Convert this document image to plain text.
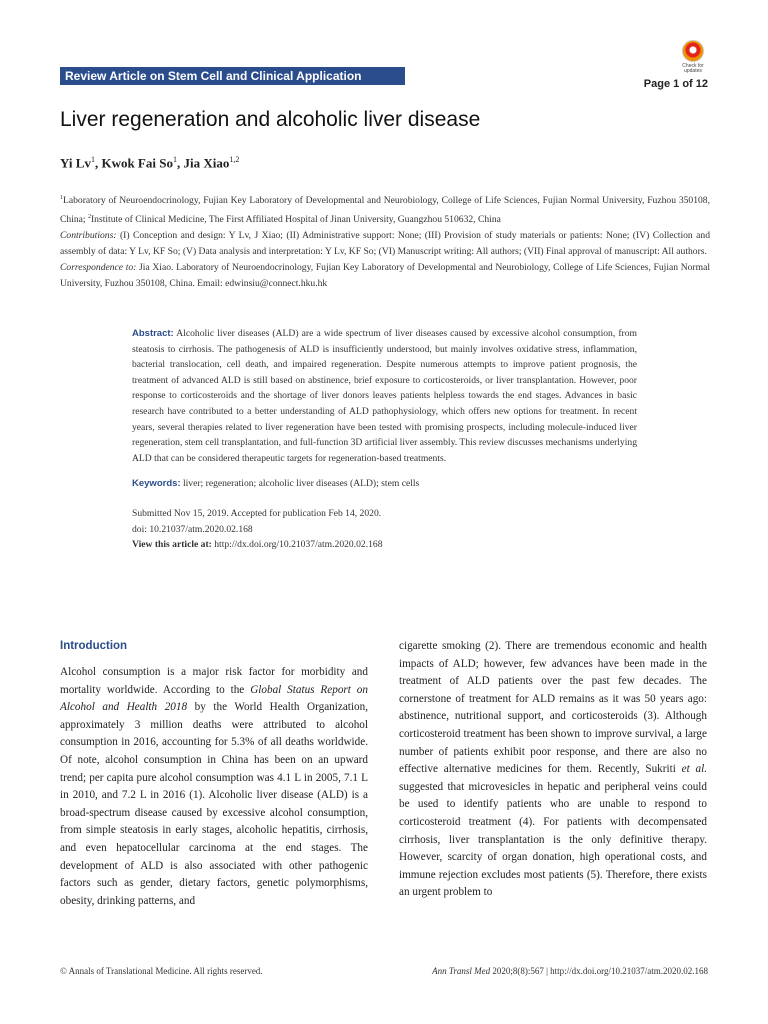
Review Article on Stem Cell and Clinical Application
Check for updates
Page 1 of 12
Liver regeneration and alcoholic liver disease
Yi Lv$^1$, Kwok Fai So$^1$, Jia Xiao$^{1,2}$

$^1$Laboratory of Neuroendocrinology, Fujian Key Laboratory of Developmental and Neurobiology, College of Life Sciences, Fujian Normal University, Fuzhou 350108, China; $^2$Institute of Clinical Medicine, The First Affiliated Hospital of Jinan University, Guangzhou 510632, China

Contributions: (I) Conception and design: Y Lv, J Xiao; (II) Administrative support: None; (III) Provision of study materials or patients: None; (IV) Collection and assembly of data: Y Lv, KF So; (V) Data analysis and interpretation: Y Lv, KF So; (VI) Manuscript writing: All authors; (VII) Final approval of manuscript: All authors.

Correspondence to: Jia Xiao. Laboratory of Neuroendocrinology, Fujian Key Laboratory of Developmental and Neurobiology, College of Life Sciences, Fujian Normal University, Fuzhou 350108, China. Email: edwinsiu@connect.hku.hk

Abstract: Alcoholic liver diseases (ALD) are a wide spectrum of liver diseases caused by excessive alcohol consumption, from steatosis to cirrhosis. The pathogenesis of ALD is insufficiently understood, but mainly involves oxidative stress, inflammation, bacterial translocation, cell death, and impaired regeneration. Despite numerous attempts to improve patient prognosis, the treatment of advanced ALD is still based on abstinence, brief exposure to corticosteroids, or liver transplantation. However, poor response to corticosteroids and the shortage of liver donors leaves patients helpless towards the end stages. Advances in basic research have contributed to a better understanding of ALD pathophysiology, which offers new options for treatment. In recent years, several therapies related to liver regeneration have been tested with promising prospects, including molecule-induced liver regeneration, stem cell transplantation, and full-function 3D artificial liver assembly. This review discusses mechanisms underlying ALD that can be considered therapeutic targets for regeneration-based treatments.

Keywords: liver; regeneration; alcoholic liver diseases (ALD); stem cells

Submitted Nov 15, 2019. Accepted for publication Feb 14, 2020.

doi: 10.21037/atm.2020.02.168

View this article at: http://dx.doi.org/10.21037/atm.2020.02.168

Introduction

Alcohol consumption is a major risk factor for morbidity and mortality worldwide. According to the Global Status Report on Alcohol and Health 2018 by the World Health Organization, approximately 3 million deaths were attributed to alcohol consumption in 2016, accounting for 5.3% of all deaths worldwide. Of note, alcohol consumption in China has been on an upward trend; per capita pure alcohol consumption was 4.1 L in 2005, 7.1 L in 2010, and 7.2 L in 2016 (1). Alcoholic liver disease (ALD) is a broad-spectrum disease caused by excessive alcohol consumption, from simple steatosis in early stages, alcoholic hepatitis, cirrhosis, and even hepatocellular carcinoma at the end stages. The development of ALD is also associated with other pathogenic factors such as gender, dietary factors, genetic polymorphisms, obesity, drinking patterns, and

cigarette smoking (2). There are tremendous economic and health impacts of ALD; however, few advances have been made in the treatment of ALD patients over the past few decades. The cornerstone of treatment for ALD remains as it was 50 years ago: abstinence, nutritional support, and corticosteroids (3). Although corticosteroid treatment has been shown to improve survival, a large number of patients exhibit poor response, and there are also no effective alternative medicines for them. Recently, Sukriti et al. suggested that microvesicles in hepatic and peripheral veins could be used to identify patients who are unable to respond to corticosteroid treatment (4). For patients with decompensated cirrhosis, liver transplantation is the only definitive therapy. However, scarcity of organ donation, high operational costs, and immune rejection excludes most patients (5). Therefore, there exists an urgent problem to

© Annals of Translational Medicine. All rights reserved.	Ann Transl Med 2020;8(8):567 | http://dx.doi.org/10.21037/atm.2020.02.168
